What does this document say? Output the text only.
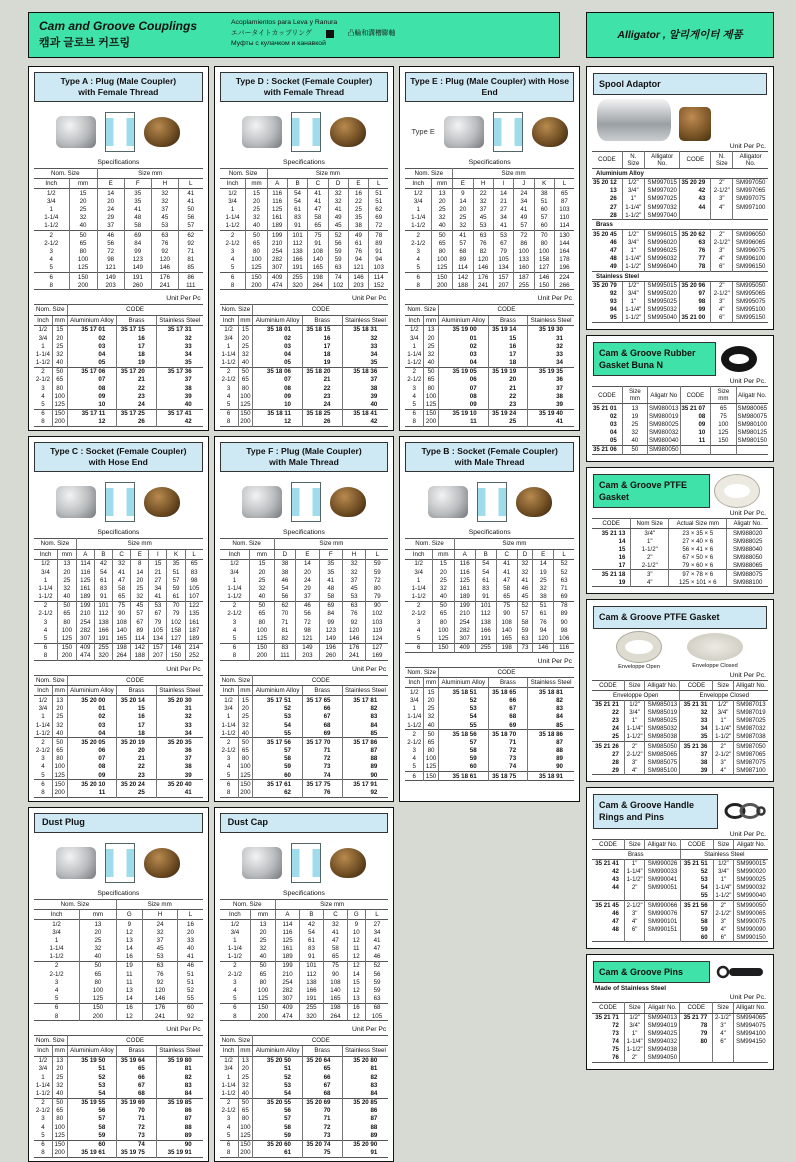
Cam and Groove Couplings
캠과 글로브 커프링
Acoplamientos para Leva y Ranura
エバータイトカップリング	凸輪和溝槽聯軸
Муфты с кулачком и канавкой
Alligator , 알리게이터 제품
Type A : Plug (Male Coupler)
with Female Thread
Specifications
Nom. Size		Size mm			
Inch	mm	E	F	H	L
1/2	15	14	35	32	41
3/4	20	20	35	32	41
1	25	24	41	37	50
1-1/4	32	29	48	45	56
1-1/2	40	37	58	53	57
2	50	46	69	63	62
2-1/2	65	56	84	76	92
3	80	72	99	92	71
4	100	98	123	120	81
5	125	121	149	146	85
6	150	149	191	176	86
8	200	203	260	241	111
Unit Per Pc
Nom. Size		CODE		
Inch	mm	Aluminium Alloy	Brass	Stainless Steel
1/2	15	35 17 01	35 17 15	35 17 31
3/4	20	02	16	32
1	25	03	17	33
1-1/4	32	04	18	34
1-1/2	40	05	19	35
2	50	35 17 06	35 17 20	35 17 36
2-1/2	65	07	21	37
3	80	08	22	38
4	100	09	23	39
5	125	10	24	40
6	150	35 17 11	35 17 25	35 17 41
8	200	12	26	42
Type D : Socket (Female Coupler)
with Female Thread
Specifications
Nom. Size		Size mm					
Inch	mm	A	B	C	D	E	L
1/2	15	116	54	41	32	16	51
3/4	20	116	54	41	32	22	51
1	25	125	61	47	41	25	62
1-1/4	32	161	83	58	49	35	69
1-1/2	40	189	91	65	45	38	72
2	50	199	101	75	52	49	78
2-1/2	65	210	112	91	56	61	89
3	80	254	138	108	59	76	91
4	100	282	166	140	59	94	94
5	125	307	191	165	63	121	103
6	150	409	255	198	74	146	114
8	200	474	320	264	102	203	152
Unit Per Pc
Nom. Size		CODE		
Inch	mm	Aluminium Alloy	Brass	Stainless Steel
1/2	15	35 18 01	35 18 15	35 18 31
3/4	20	02	16	32
1	25	03	17	33
1-1/4	32	04	18	34
1-1/2	40	05	19	35
2	50	35 18 06	35 18 20	35 18 36
2-1/2	65	07	21	37
3	80	08	22	38
4	100	09	23	39
5	125	10	24	40
6	150	35 18 11	35 18 25	35 18 41
8	200	12	26	42
Type E : Plug (Male Coupler) with Hose End
Type E
Specifications
Nom. Size		Size mm					
Inch	mm	E	H	I	J	K	L
1/2	13	9	22	14	24	38	65
3/4	20	14	32	21	34	51	87
1	25	20	37	27	41	60	103
1-1/4	32	25	45	34	49	57	110
1-1/2	40	32	53	41	57	60	114
2	50	41	63	53	72	70	130
2-1/2	65	57	76	67	86	80	144
3	80	68	82	79	100	100	164
4	100	89	120	105	133	158	178
5	125	114	146	134	160	127	196
6	150	142	176	157	187	146	224
8	200	188	241	207	255	150	266
Unit Per Pc
Nom. Size		CODE		
Inch	mm	Aluminium Alloy	Brass	Stainless Steel
1/2	13	35 19 00	35 19 14	35 19 30
3/4	20	01	15	31
1	25	02	16	32
1-1/4	32	03	17	33
1-1/2	40	04	18	34
2	50	35 19 05	35 19 19	35 19 35
2-1/2	65	06	20	36
3	80	07	21	37
4	100	08	22	38
5	125	09	23	39
6	150	35 19 10	35 19 24	35 19 40
8	200	11	25	41
Type C : Socket (Female Coupler)
with Hose End
Specifications
Nom. Size		Size mm						
Inch	mm	A	B	C	E	I	K	L
1/2	13	114	42	32	8	15	35	65
3/4	20	116	54	41	14	21	51	83
1	25	125	61	47	20	27	57	98
1-1/4	32	161	83	58	25	34	59	105
1-1/2	40	189	91	65	32	41	61	107
2	50	199	101	75	45	53	70	122
2-1/2	65	210	112	90	57	67	79	135
3	80	254	138	108	67	79	102	161
4	100	282	166	140	89	105	158	187
5	125	307	191	165	114	134	127	189
6	150	409	255	198	142	157	146	214
8	200	474	320	264	188	207	150	252
Unit Per Pc
Nom. Size		CODE		
Inch	mm	Aluminium Alloy	Brass	Stainless Steel
1/2	13	35 20 00	35 20 14	35 20 30
3/4	20	01	15	31
1	25	02	16	32
1-1/4	32	03	17	33
1-1/2	40	04	18	34
2	50	35 20 05	35 20 19	35 20 35
2-1/2	65	06	20	36
3	80	07	21	37
4	100	08	22	38
5	125	09	23	39
6	150	35 20 10	35 20 24	35 20 40
8	200	11	25	41
Type F : Plug (Male Coupler)
with Male Thread
Specifications
Nom. Size		Size mm				
Inch	mm	D	E	F	H	L
1/2	15	38	14	35	32	59
3/4	20	38	20	35	32	59
1	25	46	24	41	37	72
1-1/4	32	54	29	48	45	80
1-1/2	40	56	37	58	53	79
2	50	62	46	69	63	90
2-1/2	65	70	56	84	76	102
3	80	71	72	99	92	103
4	100	81	98	123	120	119
5	125	82	121	149	146	124
6	150	83	149	196	176	127
8	200	111	203	260	241	169
Unit Per Pc
Nom. Size		CODE		
Inch	mm	Aluminium Alloy	Brass	Stainless Steel
1/2	15	35 17 51	35 17 65	35 17 81
3/4	20	52	66	82
1	25	53	67	83
1-1/4	32	54	68	84
1-1/2	40	55	69	85
2	50	35 17 56	35 17 70	35 17 86
2-1/2	65	57	71	87
3	80	58	72	88
4	100	59	73	89
5	125	60	74	90
6	150	35 17 61	35 17 75	35 17 91
8	200	62	76	92
Type B : Socket (Female Coupler)
with Male Thread
Specifications
Nom. Size		Size mm					
Inch	mm	A	B	C	D	E	L
1/2	15	116	54	41	32	14	52
3/4	20	116	54	41	32	19	52
1	25	125	61	47	41	25	63
1-1/4	32	161	83	58	46	32	71
1-1/2	40	189	91	65	45	38	69
2	50	199	101	75	52	51	78
2-1/2	65	210	112	90	57	61	89
3	80	254	138	108	58	76	90
4	100	282	166	140	59	94	98
5	125	307	191	165	63	120	106
6	150	409	255	198	73	146	116
Unit Per Pc
Nom. Size		CODE		
Inch	mm	Aluminium Alloy	Brass	Stainless Steel
1/2	15	35 18 51	35 18 65	35 18 81
3/4	20	52	66	82
1	25	53	67	83
1-1/4	32	54	68	84
1-1/2	40	55	69	85
2	50	35 18 56	35 18 70	35 18 86
2-1/2	65	57	71	87
3	80	58	72	88
4	100	59	73	89
5	125	60	74	90
6	150	35 18 61	35 18 75	35 18 91
Dust Plug
Specifications
Nom. Size		Size mm		
Inch	mm	G	H	L
1/2	13	9	24	16
3/4	20	12	32	20
1	25	13	37	33
1-1/4	32	14	45	40
1-1/2	40	16	53	41
2	50	19	63	46
2-1/2	65	11	76	51
3	80	11	92	51
4	100	13	120	52
5	125	14	146	55
6	150	16	176	60
8	200	12	241	92
Unit Per Pc
Nom. Size		CODE		
Inch	mm	Aluminium Alloy	Brass	Stainless Steel
1/2	13	35 19 50	35 19 64	35 19 80
3/4	20	51	65	81
1	25	52	66	82
1-1/4	32	53	67	83
1-1/2	40	54	68	84
2	50	35 19 55	35 19 69	35 19 85
2-1/2	65	56	70	86
3	80	57	71	87
4	100	58	72	88
5	125	59	73	89
6	150	60	74	90
8	200	35 19 61	35 19 75	35 19 91
Dust Cap
Specifications
Nom. Size		Size mm				
Inch	mm	A	B	C	G	L
1/2	13	114	42	32	9	27
3/4	20	116	54	41	10	34
1	25	125	61	47	12	41
1-1/4	32	161	83	58	11	47
1-1/2	40	189	91	65	12	46
2	50	199	101	75	12	52
2-1/2	65	210	112	90	14	56
3	80	254	138	108	15	59
4	100	282	166	140	12	59
5	125	307	191	165	13	63
6	150	409	255	198	16	68
8	200	474	320	264	12	105
Unit Per Pc
Nom. Size		CODE		
Inch	mm	Aluminium Alloy	Brass	Stainless Steel
1/2	13	35 20 50	35 20 64	35 20 80
3/4	20	51	65	81
1	25	52	66	82
1-1/4	32	53	67	83
1-1/2	40	54	68	84
2	50	35 20 55	35 20 69	35 20 85
2-1/2	65	56	70	86
3	80	57	71	87
4	100	58	72	88
5	125	59	73	89
6	150	35 20 60	35 20 74	35 20 90
8	200	61	75	91
Spool Adaptor
Unit Per Pc.
CODE	N. Size	Alligator No.	CODE	N. Size	Alligator No.
Aluminium Alloy					
35 20 12	1/2"	SM997015	35 20 29	2"	SM997050
13	3/4"	SM997020	42	2-1/2"	SM997065
26	1"	SM997025	43	3"	SM997075
27	1-1/4"	SM997032	44	4"	SM997100
28	1-1/2"	SM997040			
Brass					
35 20 45	1/2"	SM996015	35 20 62	2"	SM996050
46	3/4"	SM996020	63	2-1/2"	SM996065
47	1"	SM996025	76	3"	SM996075
48	1-1/4"	SM996032	77	4"	SM996100
49	1-1/2"	SM996040	78	6"	SM996150
Stainless Steel					
35 20 79	1/2"	SM995015	35 20 96	2"	SM995050
92	3/4"	SM995020	97	2-1/2"	SM995065
93	1"	SM995025	98	3"	SM995075
94	1-1/4"	SM995032	99	4"	SM995100
95	1-1/2"	SM995040	35 21 00	6"	SM995150
Cam & Groove Rubber
Gasket Buna N
Unit Per Pc.
CODE	Size mm	Aligatr No	CODE	Size mm	Aligatr No.
35 21 01	13	SM980013	35 21 07	65	SM980065
02	19	SM980019	08	75	SM980075
03	25	SM980025	09	100	SM980100
04	32	SM980032	10	125	SM980125
05	40	SM980040	11	150	SM980150
35 21 06	50	SM980050			
Cam & Groove PTFE Gasket
Unit Per Pc.
CODE	Nom Size	Actual Size mm	Aligatr No.
35 21 13	3/4"	23 × 35 × 5	SM988020
14	1"	27 × 40 × 6	SM988025
15	1-1/2"	56 × 41 × 6	SM988040
16	2"	67 × 50 × 6	SM988050
17	2-1/2"	79 × 60 × 6	SM988065
35 21 18	3"	97 × 78 × 6	SM988075
19	4"	125 × 101 × 6	SM988100
Cam & Groove PTFE Gasket
Enveloppe Open	Enveloppe Closed
Unit Per Pc.
CODE	Size	Alligatr No.	CODE	Size	Alligatr No.
Enveloppe Open			Enveloppe Closed		
35 21 21	1/2"	SM985013	35 21 31	1/2"	SM987013
22	3/4"	SM985019	32	3/4"	SM987019
23	1"	SM985025	33	1"	SM987025
24	1-1/4"	SM985032	34	1-1/4"	SM987032
25	1-1/2"	SM985038	35	1-1/2"	SM987038
35 21 26	2"	SM985050	35 21 36	2"	SM987050
27	2-1/2"	SM985065	37	2-1/2"	SM987065
28	3"	SM985075	38	3"	SM987075
29	4"	SM985100	39	4"	SM987100
Cam & Groove Handle
Rings and Pins
Unit Per Pc.
CODE	Size	Alligatr No.	CODE	Size	Aligatr No.
Brass			Stainless Steel		
35 21 41	1"	SM990026	35 21 51	1/2"	SM990015
42	1-1/4"	SM990033	52	3/4"	SM990020
43	1-1/2"	SM990041	53	1"	SM990025
44	2"	SM990051	54	1-1/4"	SM990032
			55	1-1/2"	SM990040
35 21 45	2-1/2"	SM990066	35 21 56	2"	SM990050
46	3"	SM990076	57	2-1/2"	SM990065
47	4"	SM990101	58	3"	SM990075
48	6"	SM990151	59	4"	SM990090
			60	6"	SM990150
Cam & Groove Pins
Made of Stainless Steel
Unit Per Pc.
CODE	Size	Aligatr No.	CODE	Size	Alligatr No.
35 21 71	1/2"	SM994013	35 21 77	2-1/2"	SM994065
72	3/4"	SM994019	78	3"	SM994075
73	1"	SM994025	79	4"	SM994100
74	1-1/4"	SM994032	80	6"	SM994150
75	1-1/2"	SM994038			
76	2"	SM994050			
